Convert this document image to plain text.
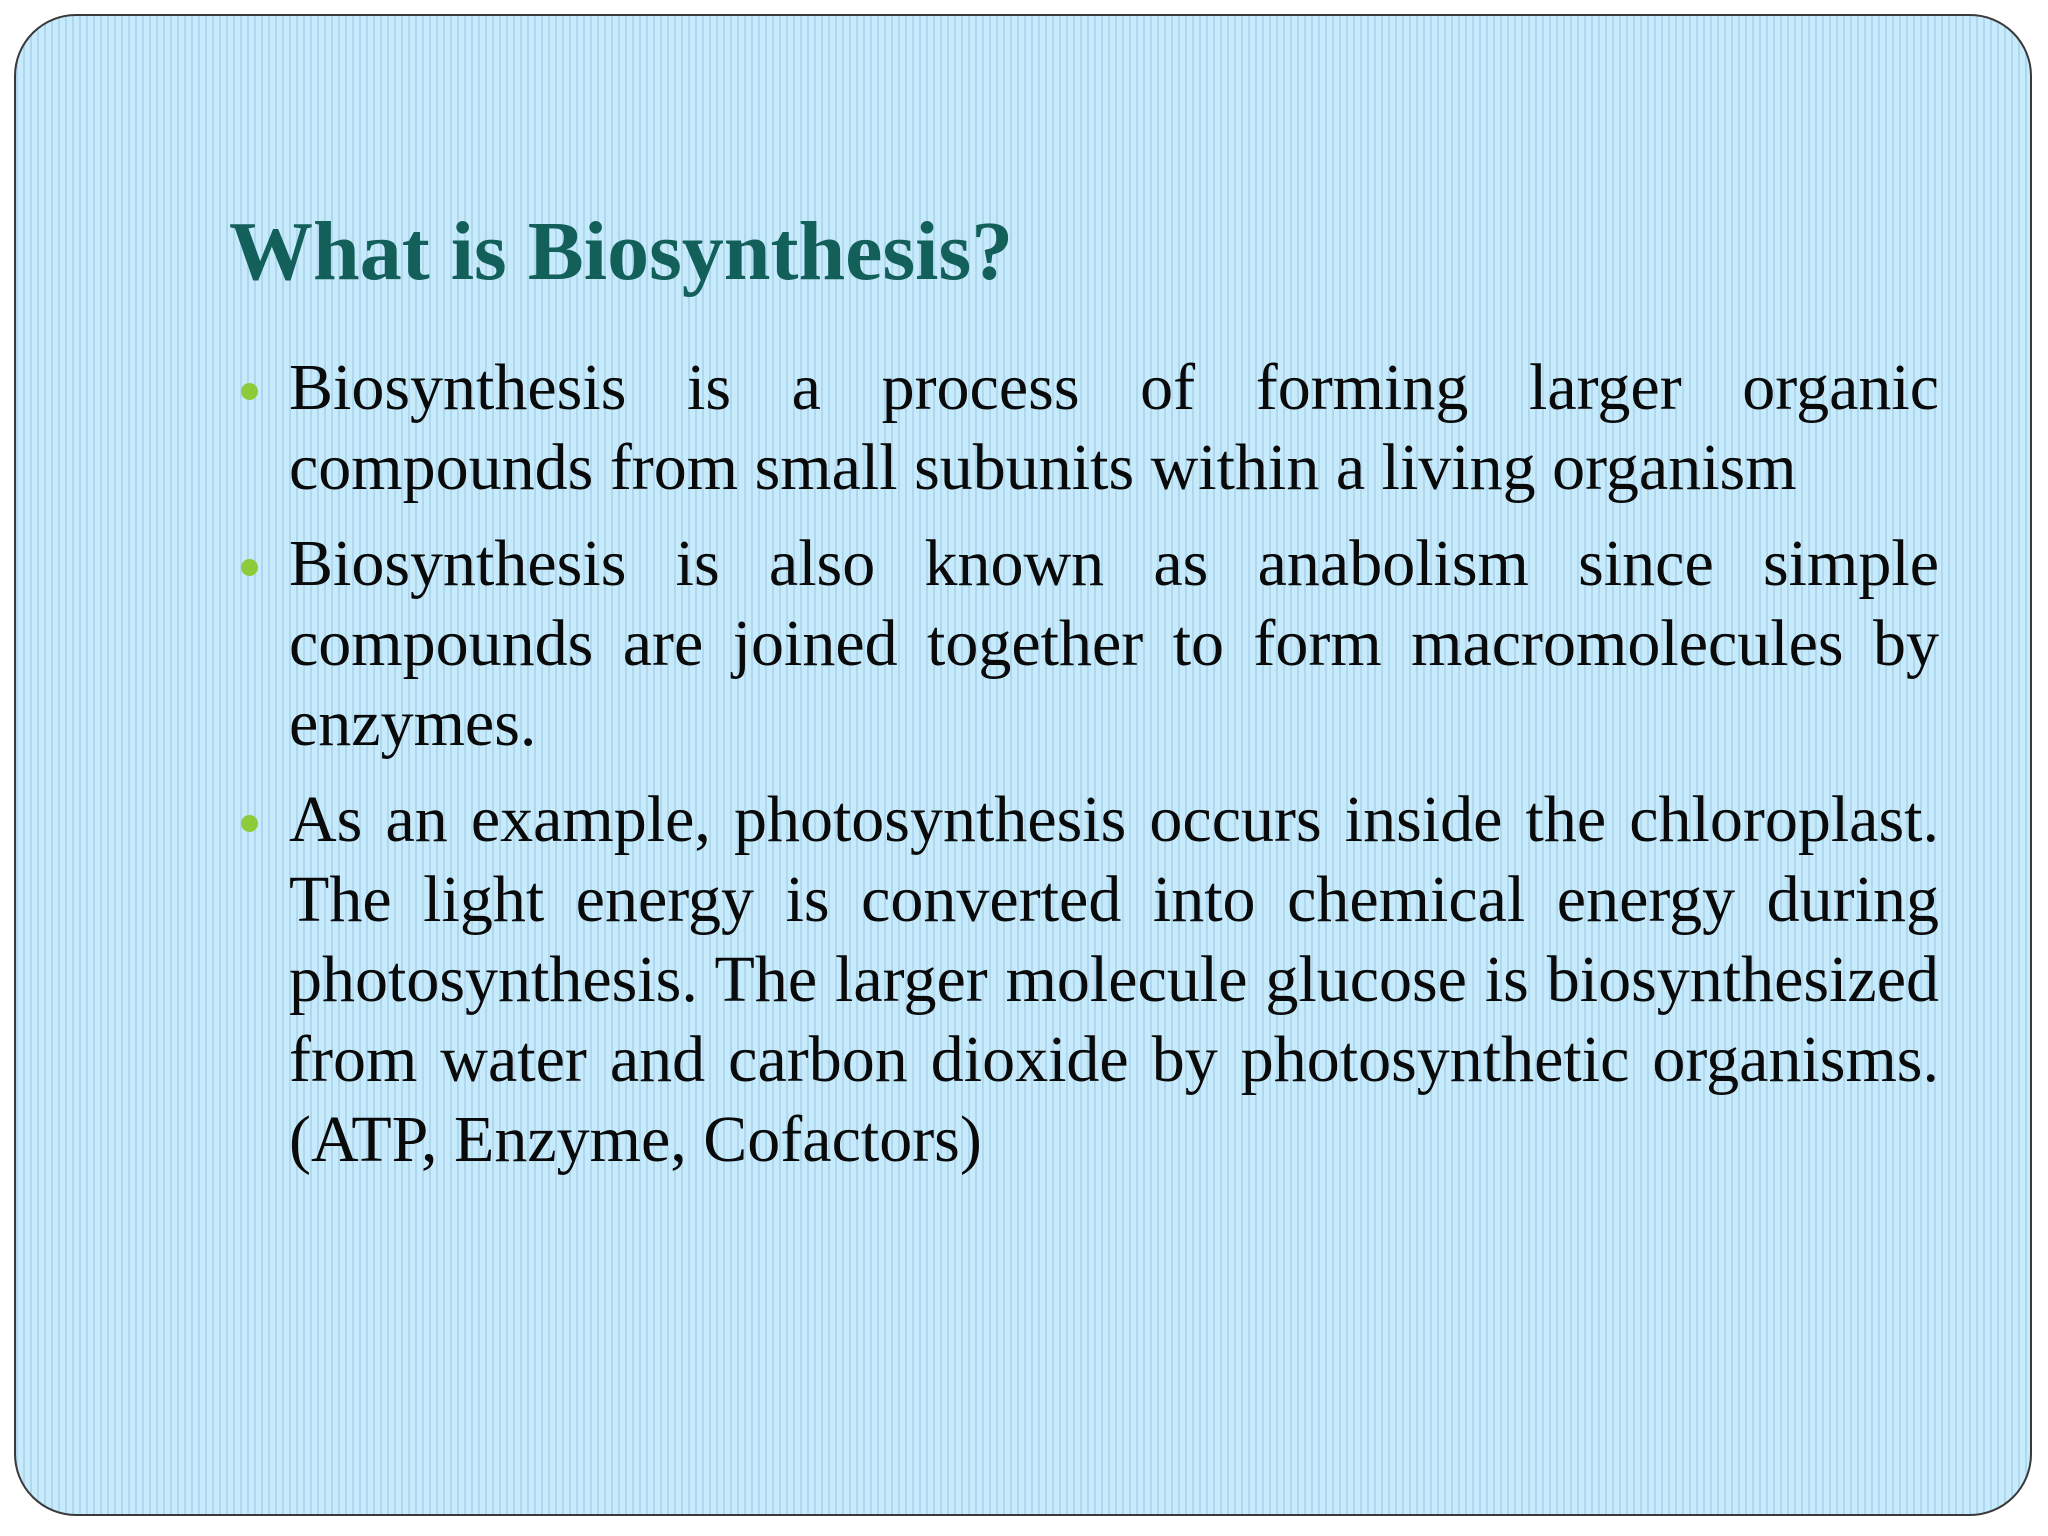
What is Biosynthesis?
Biosynthesis is a process of forming larger organic compounds from small subunits within a living organism
Biosynthesis is also known as anabolism since simple compounds are joined together to form macromolecules by enzymes.
As an example, photosynthesis occurs inside the chloroplast. The light energy is converted into chemical energy during photosynthesis. The larger molecule glucose is biosynthesized from water and carbon dioxide by photosynthetic organisms.(ATP, Enzyme, Cofactors)
